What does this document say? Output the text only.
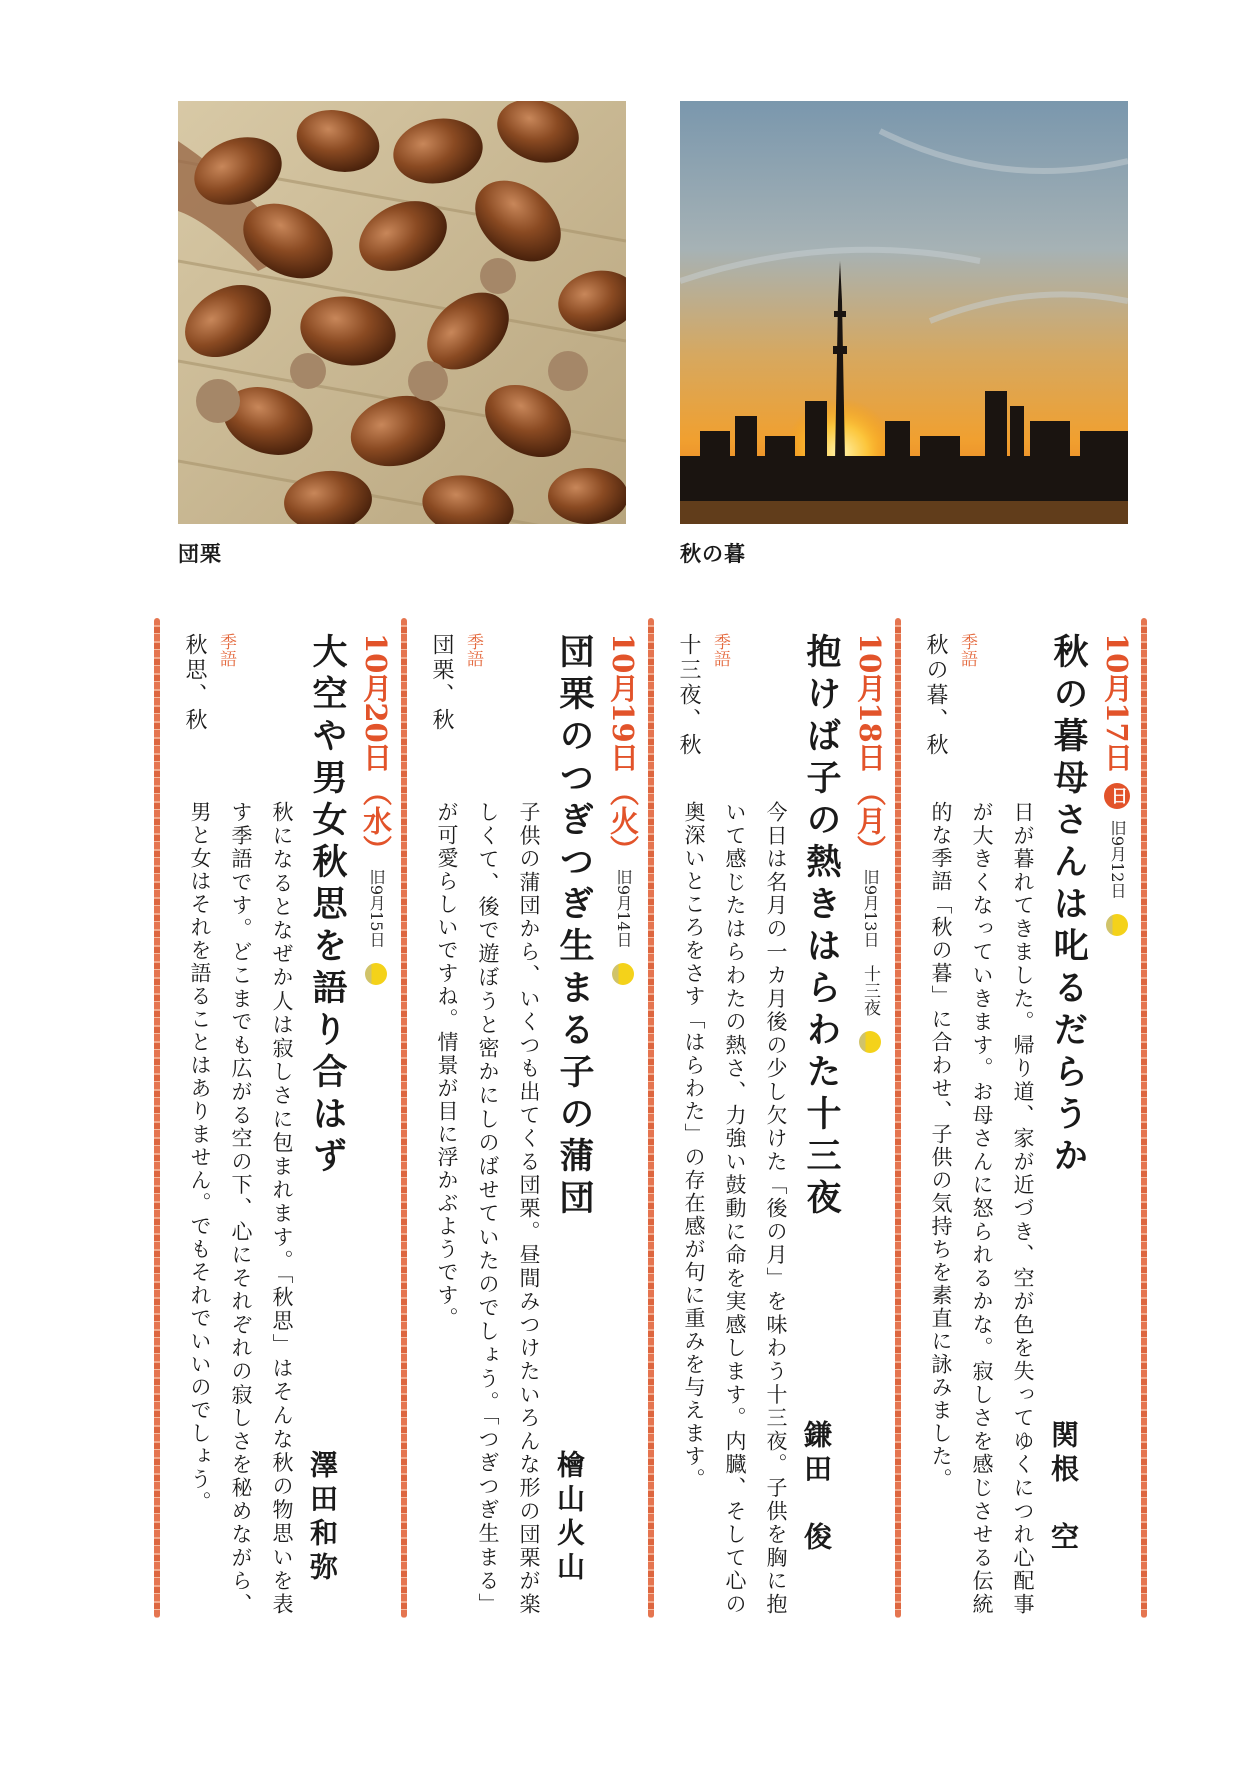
団栗	秋の暮
10月17日 日 旧9月12日
秋の暮母さんは叱るだらうか
関根　空
日が暮れてきました。帰り道、家が近づき、空が色を失ってゆくにつれ心配事が大きくなっていきます。お母さんに怒られるかな。寂しさを感じさせる伝統的な季語「秋の暮」に合わせ、子供の気持ちを素直に詠みました。
季語
秋の暮、秋
10月18日 （月） 旧9月13日 十三夜
抱けば子の熱きはらわた十三夜
鎌田　俊
今日は名月の一カ月後の少し欠けた「後の月」を味わう十三夜。子供を胸に抱いて感じたはらわたの熱さ、力強い鼓動に命を実感します。内臓、そして心の奥深いところをさす「はらわた」の存在感が句に重みを与えます。
季語
十三夜、秋
10月19日 （火） 旧9月14日
団栗のつぎつぎ生まる子の蒲団
檜山火山
子供の蒲団から、いくつも出てくる団栗。昼間みつけたいろんな形の団栗が楽しくて、後で遊ぼうと密かにしのばせていたのでしょう。「つぎつぎ生まる」が可愛らしいですね。情景が目に浮かぶようです。
季語
団栗、秋
10月20日 （水） 旧9月15日
大空や男女秋思を語り合はず
澤田和弥
秋になるとなぜか人は寂しさに包まれます。「秋思」はそんな秋の物思いを表す季語です。どこまでも広がる空の下、心にそれぞれの寂しさを秘めながら、男と女はそれを語ることはありません。でもそれでいいのでしょう。
季語
秋思、秋
